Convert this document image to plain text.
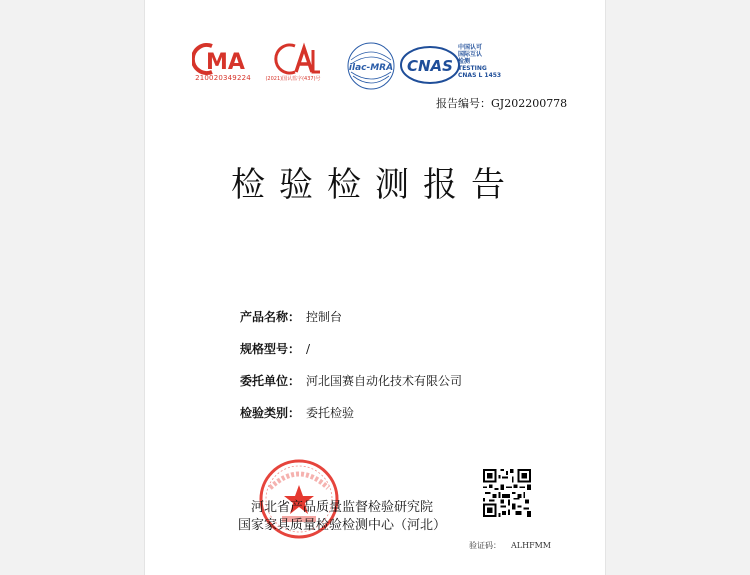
MA
210020349224	(2021)国认监字(437)号
ilac-MRA CNAS
中国认可
国际互认
检测
TESTING
CNAS L 1453
报告编号：GJ202200778
检验检测报告
产品名称： 控制台
规格型号： /
委托单位： 河北国赛自动化技术有限公司
检验类别： 委托检验
河北省产品质量监督检验研究院
国家家具质量检验检测中心（河北）
验证码： ALHFMM
